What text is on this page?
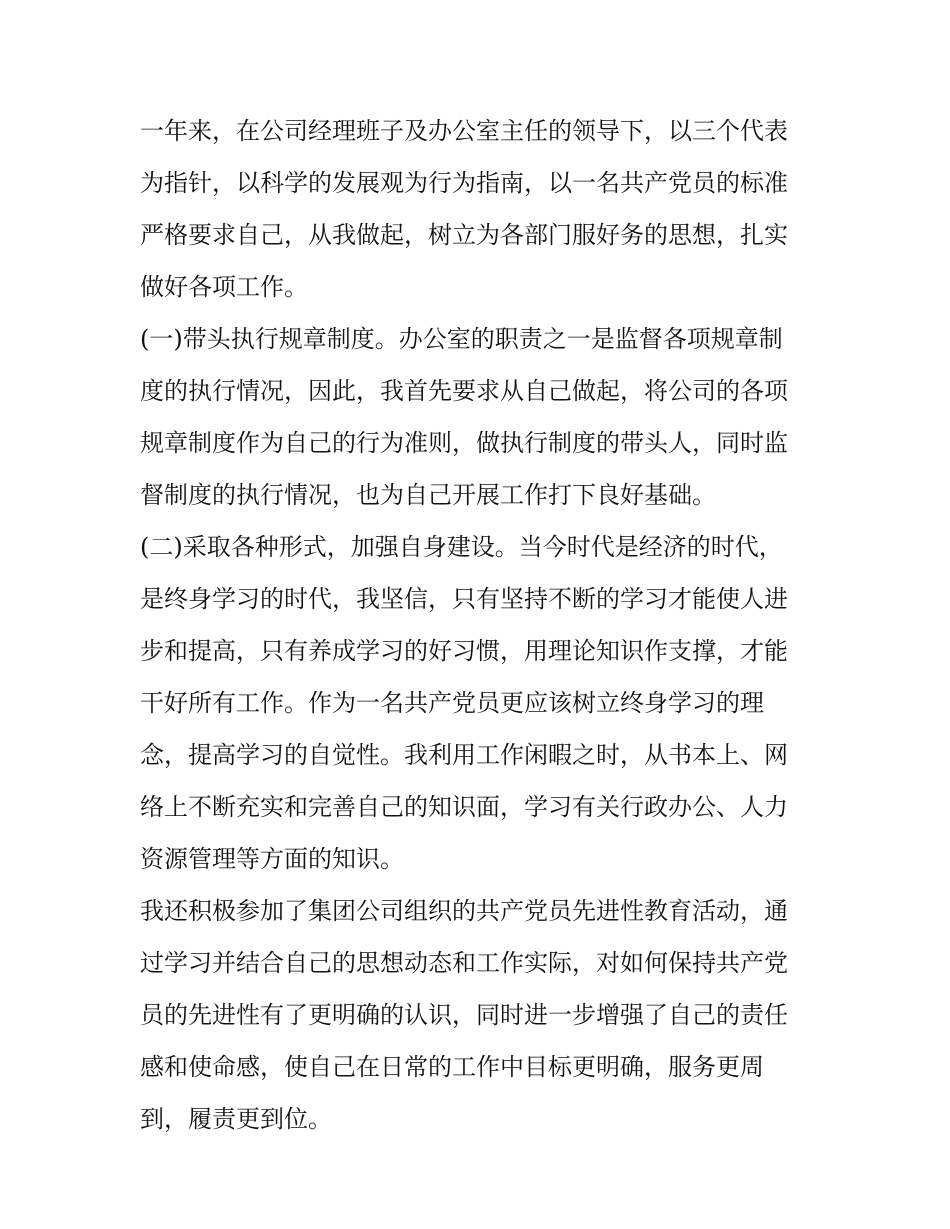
一年来，在公司经理班子及办公室主任的领导下，以三个代表
为指针，以科学的发展观为行为指南，以一名共产党员的标准
严格要求自己，从我做起，树立为各部门服好务的思想，扎实
做好各项工作。
(一)带头执行规章制度。办公室的职责之一是监督各项规章制
度的执行情况，因此，我首先要求从自己做起，将公司的各项
规章制度作为自己的行为准则，做执行制度的带头人，同时监
督制度的执行情况，也为自己开展工作打下良好基础。
(二)采取各种形式，加强自身建设。当今时代是经济的时代，
是终身学习的时代，我坚信，只有坚持不断的学习才能使人进
步和提高，只有养成学习的好习惯，用理论知识作支撑，才能
干好所有工作。作为一名共产党员更应该树立终身学习的理
念，提高学习的自觉性。我利用工作闲暇之时，从书本上、网
络上不断充实和完善自己的知识面，学习有关行政办公、人力
资源管理等方面的知识。
我还积极参加了集团公司组织的共产党员先进性教育活动，通
过学习并结合自己的思想动态和工作实际，对如何保持共产党
员的先进性有了更明确的认识，同时进一步增强了自己的责任
感和使命感，使自己在日常的工作中目标更明确，服务更周
到，履责更到位。
